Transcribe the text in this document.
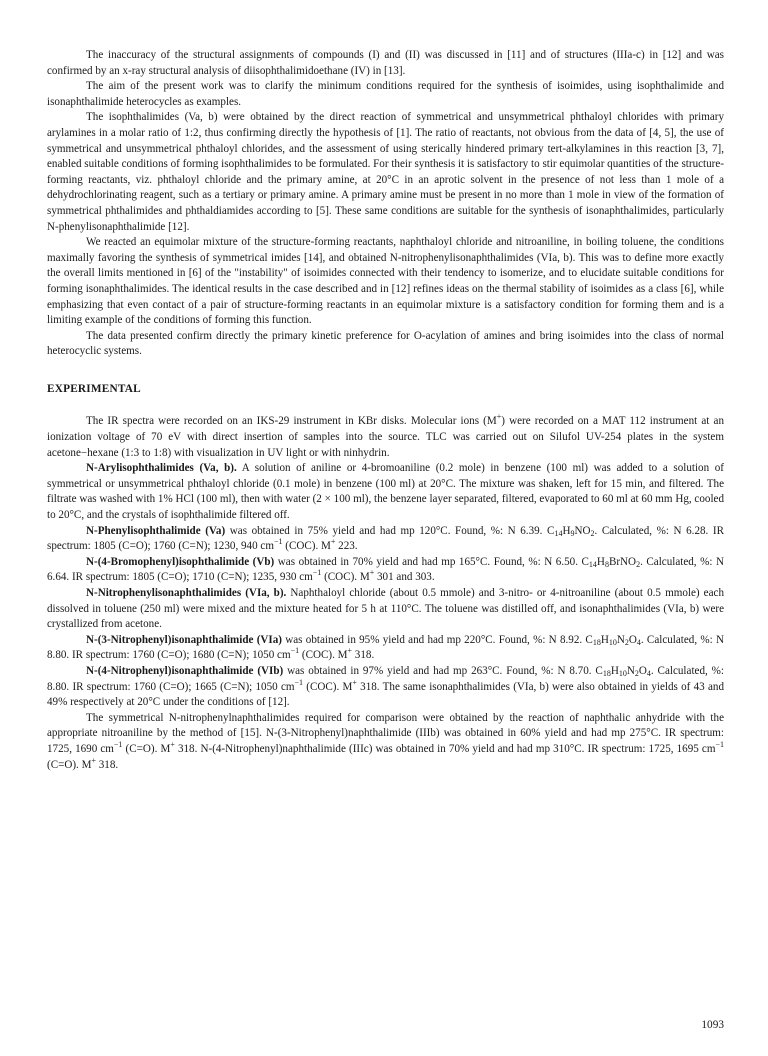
The inaccuracy of the structural assignments of compounds (I) and (II) was discussed in [11] and of structures (IIIa-c) in [12] and was confirmed by an x-ray structural analysis of diisophthalimidoethane (IV) in [13].

The aim of the present work was to clarify the minimum conditions required for the synthesis of isoimides, using isophthalimide and isonaphthalimide heterocycles as examples.

The isophthalimides (Va, b) were obtained by the direct reaction of symmetrical and unsymmetrical phthaloyl chlorides with primary arylamines in a molar ratio of 1:2, thus confirming directly the hypothesis of [1]. The ratio of reactants, not obvious from the data of [4, 5], the use of symmetrical and unsymmetrical phthaloyl chlorides, and the assessment of using sterically hindered primary tert-alkylamines in this reaction [3, 7], enabled suitable conditions of forming isophthalimides to be formulated. For their synthesis it is satisfactory to stir equimolar quantities of the structure-forming reactants, viz. phthaloyl chloride and the primary amine, at 20°C in an aprotic solvent in the presence of not less than 1 mole of a dehydrochlorinating reagent, such as a tertiary or primary amine. A primary amine must be present in no more than 1 mole in view of the formation of symmetrical phthalimides and phthaldiamides according to [5]. These same conditions are suitable for the synthesis of isonaphthalimides, particularly N-phenylisonaphthalimide [12].

We reacted an equimolar mixture of the structure-forming reactants, naphthaloyl chloride and nitroaniline, in boiling toluene, the conditions maximally favoring the synthesis of symmetrical imides [14], and obtained N-nitrophenylisonaphthalimides (VIa, b). This was to define more exactly the overall limits mentioned in [6] of the "instability" of isoimides connected with their tendency to isomerize, and to elucidate suitable conditions for forming isonaphthalimides. The identical results in the case described and in [12] refines ideas on the thermal stability of isoimides as a class [6], while emphasizing that even contact of a pair of structure-forming reactants in an equimolar mixture is a satisfactory condition for forming them and is a limiting example of the conditions of forming this function.

The data presented confirm directly the primary kinetic preference for O-acylation of amines and bring isoimides into the class of normal heterocyclic systems.

EXPERIMENTAL

The IR spectra were recorded on an IKS-29 instrument in KBr disks. Molecular ions (M+) were recorded on a MAT 112 instrument at an ionization voltage of 70 eV with direct insertion of samples into the source. TLC was carried out on Silufol UV-254 plates in the system acetone−hexane (1:3 to 1:8) with visualization in UV light or with ninhydrin.

N-Arylisophthalimides (Va, b). A solution of aniline or 4-bromoaniline (0.2 mole) in benzene (100 ml) was added to a solution of symmetrical or unsymmetrical phthaloyl chloride (0.1 mole) in benzene (100 ml) at 20°C. The mixture was shaken, left for 15 min, and filtered. The filtrate was washed with 1% HCl (100 ml), then with water (2 × 100 ml), the benzene layer separated, filtered, evaporated to 60 ml at 60 mm Hg, cooled to 20°C, and the crystals of isophthalimide filtered off.

N-Phenylisophthalimide (Va) was obtained in 75% yield and had mp 120°C. Found, %: N 6.39. $C_{14}H_9NO_2$. Calculated, %: N 6.28. IR spectrum: 1805 (C=O); 1760 (C=N); 1230, 940 $cm^{-1}$ (COC). M+ 223.

N-(4-Bromophenyl)isophthalimide (Vb) was obtained in 70% yield and had mp 165°C. Found, %: N 6.50. $C_{14}H_8BrNO_2$. Calculated, %: N 6.64. IR spectrum: 1805 (C=O); 1710 (C=N); 1235, 930 $cm^{-1}$ (COC). M+ 301 and 303.

N-Nitrophenylisonaphthalimides (VIa, b). Naphthaloyl chloride (about 0.5 mmole) and 3-nitro- or 4-nitroaniline (about 0.5 mmole) each dissolved in toluene (250 ml) were mixed and the mixture heated for 5 h at 110°C. The toluene was distilled off, and isonaphthalimides (VIa, b) were crystallized from acetone.

N-(3-Nitrophenyl)isonaphthalimide (VIa) was obtained in 95% yield and had mp 220°C. Found, %: N 8.92. $C_{18}H_{10}N_2O_4$. Calculated, %: N 8.80. IR spectrum: 1760 (C=O); 1680 (C=N); 1050 $cm^{-1}$ (COC). M+ 318.

N-(4-Nitrophenyl)isonaphthalimide (VIb) was obtained in 97% yield and had mp 263°C. Found, %: N 8.70. $C_{18}H_{10}N_2O_4$. Calculated, %: 8.80. IR spectrum: 1760 (C=O); 1665 (C=N); 1050 $cm^{-1}$ (COC). M+ 318. The same isonaphthalimides (VIa, b) were also obtained in yields of 43 and 49% respectively at 20°C under the conditions of [12].

The symmetrical N-nitrophenylnaphthalimides required for comparison were obtained by the reaction of naphthalic anhydride with the appropriate nitroaniline by the method of [15]. N-(3-Nitrophenyl)naphthalimide (IIIb) was obtained in 60% yield and had mp 275°C. IR spectrum: 1725, 1690 $cm^{-1}$ (C=O). M+ 318. N-(4-Nitrophenyl)naphthalimide (IIIc) was obtained in 70% yield and had mp 310°C. IR spectrum: 1725, 1695 $cm^{-1}$ (C=O). M+ 318.

1093
